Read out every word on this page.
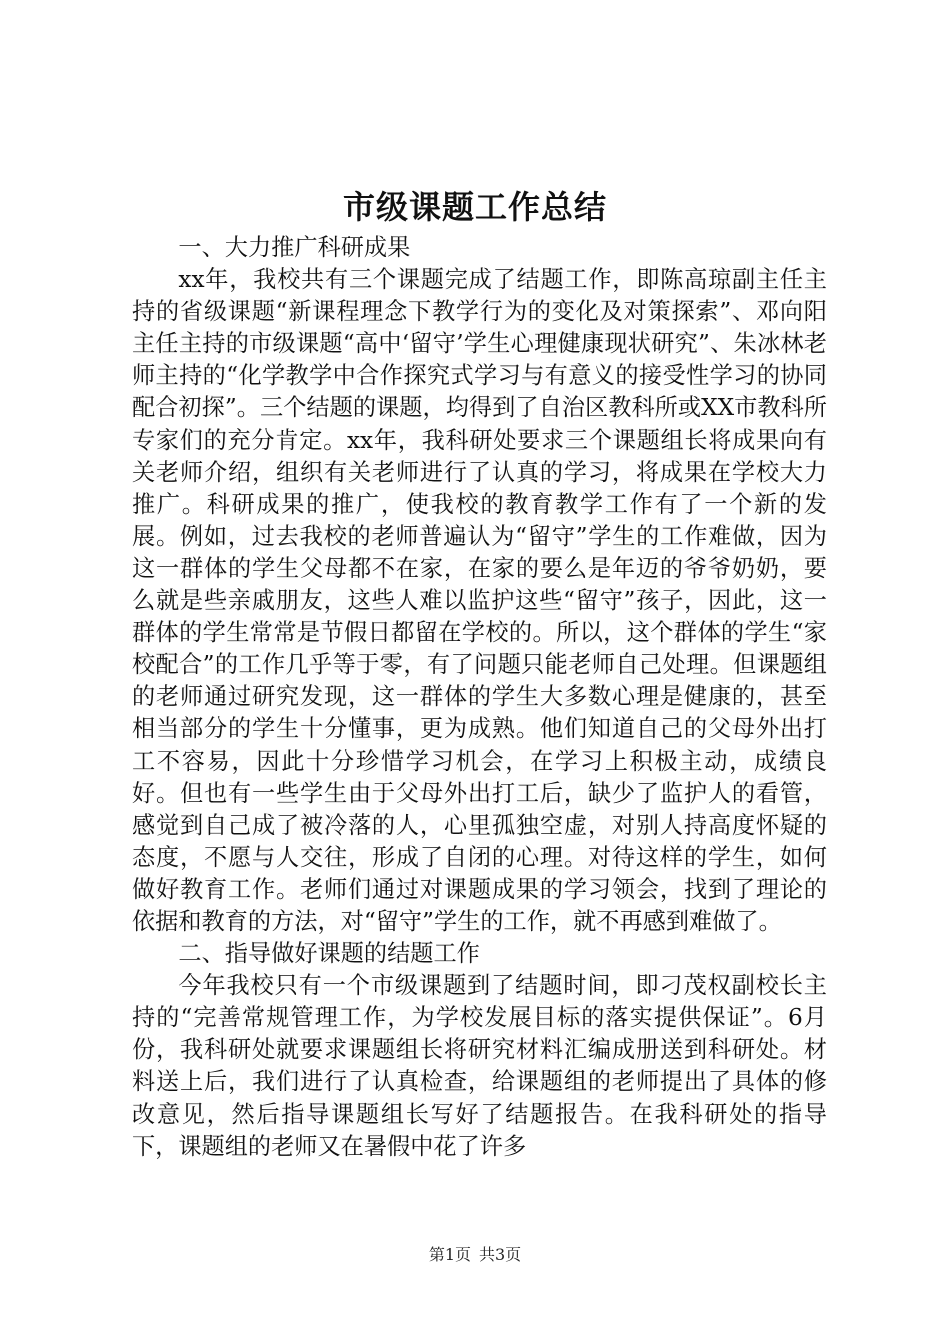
市级课题工作总结

一、大力推广科研成果

xx年，我校共有三个课题完成了结题工作，即陈高琼副主任主持的省级课题“新课程理念下教学行为的变化及对策探索”、邓向阳主任主持的市级课题“高中‘留守’学生心理健康现状研究”、朱冰林老师主持的“化学教学中合作探究式学习与有意义的接受性学习的协同配合初探”。三个结题的课题，均得到了自治区教科所或XX市教科所专家们的充分肯定。xx年，我科研处要求三个课题组长将成果向有关老师介绍，组织有关老师进行了认真的学习，将成果在学校大力推广。科研成果的推广，使我校的教育教学工作有了一个新的发展。例如，过去我校的老师普遍认为“留守”学生的工作难做，因为这一群体的学生父母都不在家，在家的要么是年迈的爷爷奶奶，要么就是些亲戚朋友，这些人难以监护这些“留守”孩子，因此，这一群体的学生常常是节假日都留在学校的。所以，这个群体的学生“家校配合”的工作几乎等于零，有了问题只能老师自己处理。但课题组的老师通过研究发现，这一群体的学生大多数心理是健康的，甚至相当部分的学生十分懂事，更为成熟。他们知道自己的父母外出打工不容易，因此十分珍惜学习机会，在学习上积极主动，成绩良好。但也有一些学生由于父母外出打工后，缺少了监护人的看管，感觉到自己成了被冷落的人，心里孤独空虚，对别人持高度怀疑的态度，不愿与人交往，形成了自闭的心理。对待这样的学生，如何做好教育工作。老师们通过对课题成果的学习领会，找到了理论的依据和教育的方法，对“留守”学生的工作，就不再感到难做了。

二、指导做好课题的结题工作

今年我校只有一个市级课题到了结题时间，即刁茂权副校长主持的“完善常规管理工作，为学校发展目标的落实提供保证”。6月份，我科研处就要求课题组长将研究材料汇编成册送到科研处。材料送上后，我们进行了认真检查，给课题组的老师提出了具体的修改意见，然后指导课题组长写好了结题报告。在我科研处的指导下，课题组的老师又在暑假中花了许多

第1页 共3页
